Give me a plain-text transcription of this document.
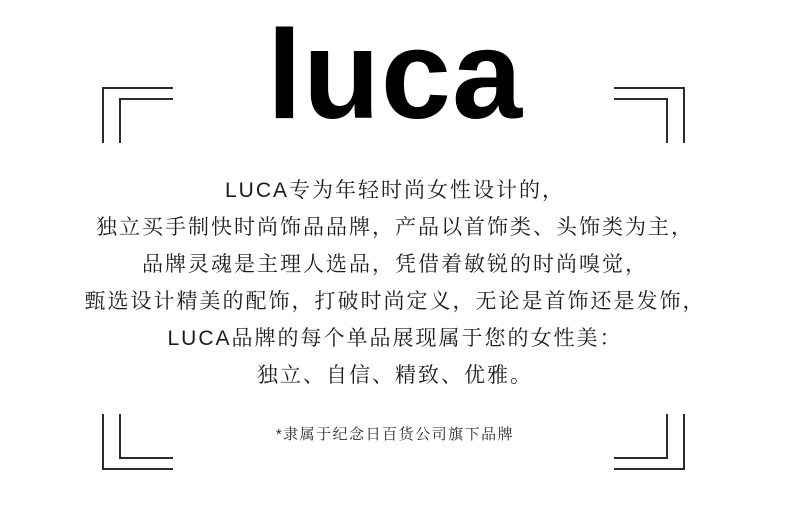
luca

LUCA专为年轻时尚女性设计的，

独立买手制快时尚饰品品牌，产品以首饰类、头饰类为主，

品牌灵魂是主理人选品，凭借着敏锐的时尚嗅觉，

甄选设计精美的配饰，打破时尚定义，无论是首饰还是发饰，

LUCA品牌的每个单品展现属于您的女性美：

独立、自信、精致、优雅。

*隶属于纪念日百货公司旗下品牌
